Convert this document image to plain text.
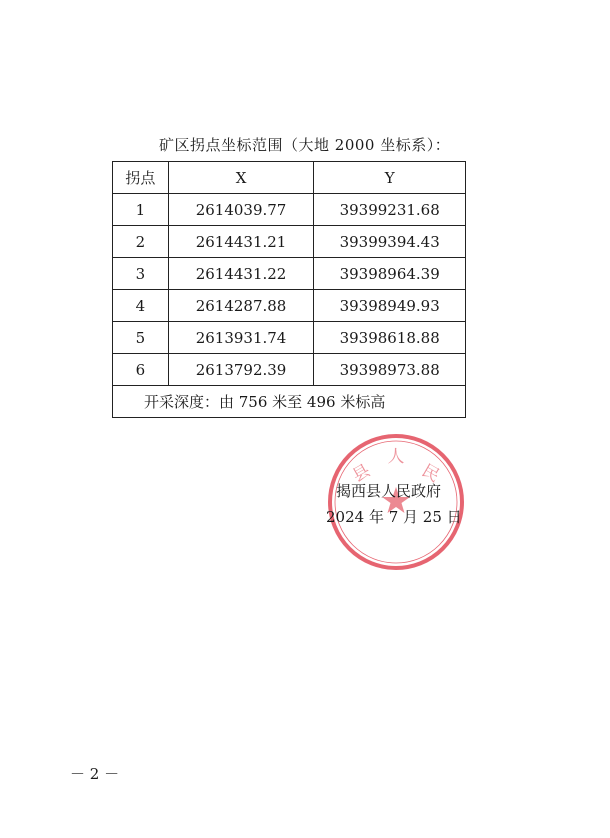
矿区拐点坐标范围（大地 2000 坐标系）：
拐点	X	Y
1	2614039.77	39399231.68
2	2614431.21	39399394.43
3	2614431.22	39398964.39
4	2614287.88	39398949.93
5	2613931.74	39398618.88
6	2613792.39	39398973.88
开采深度：由 756 米至 496 米标高		
县
人
民
揭西县人民政府
2024 年 7 月 25 日
－ 2 －
